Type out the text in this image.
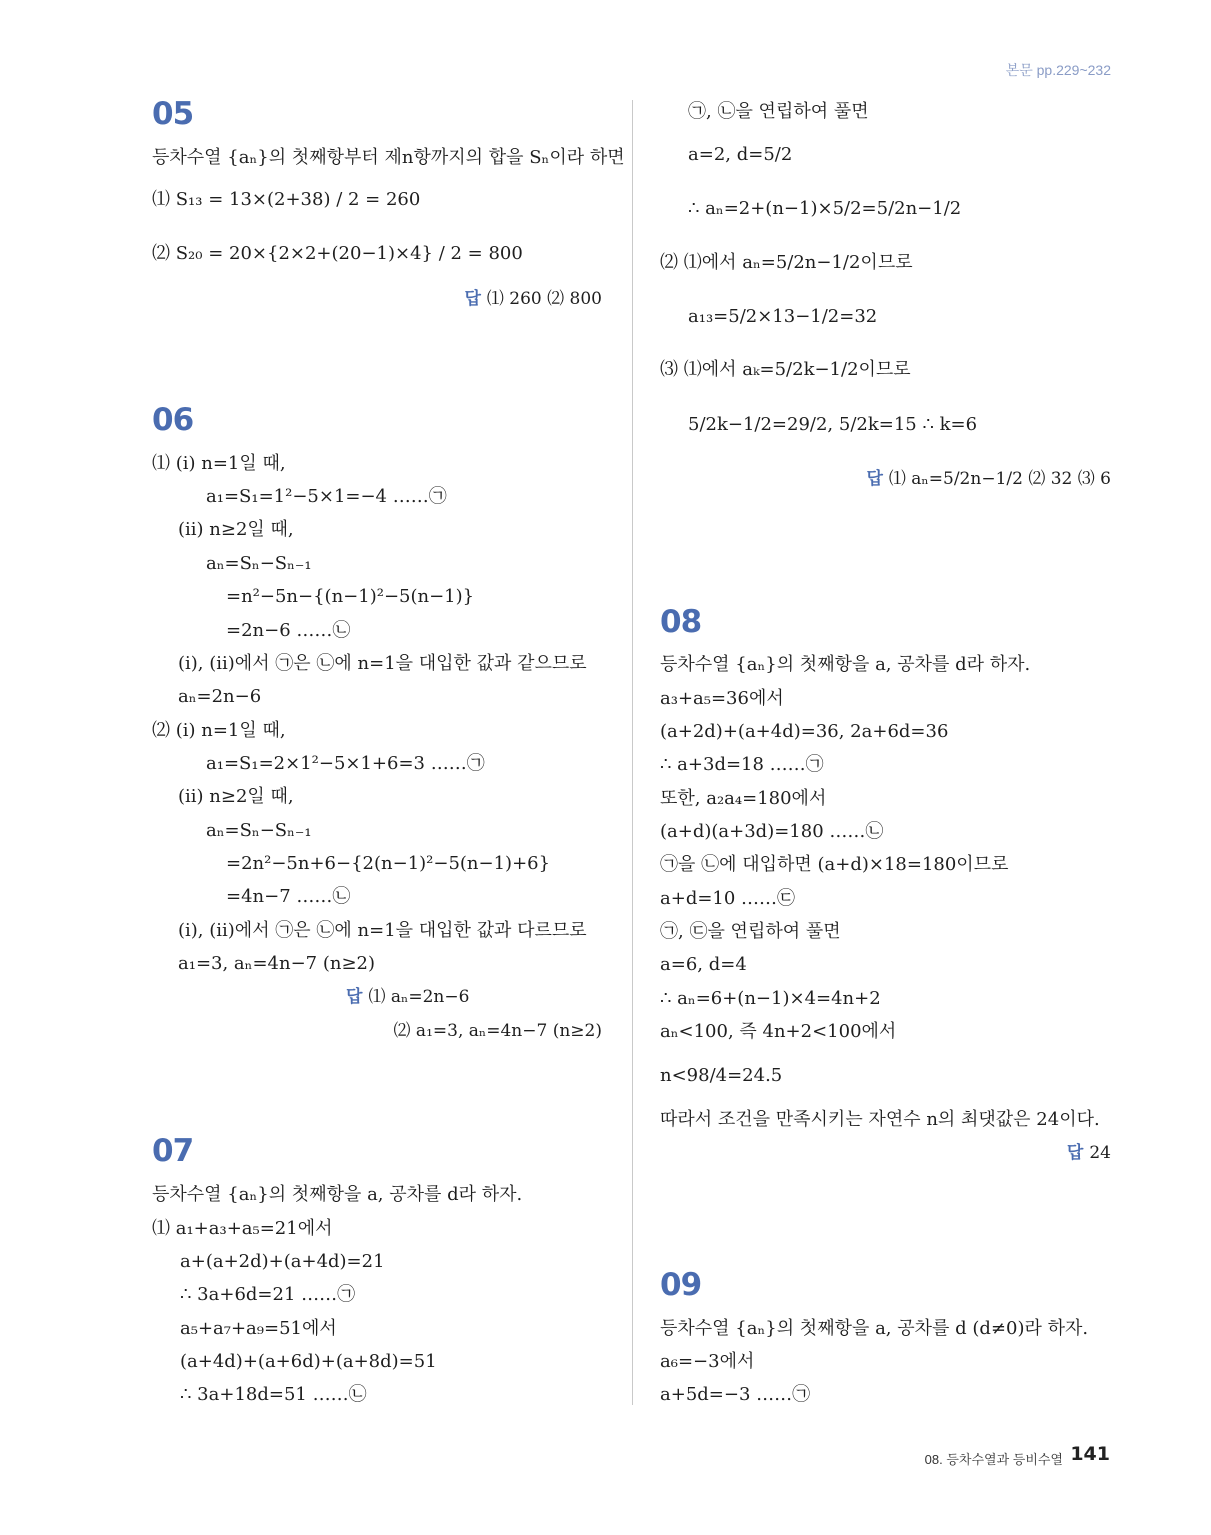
본문 pp.229~232
05
등차수열 {aₙ}의 첫째항부터 제n항까지의 합을 Sₙ이라 하면
⑴ S₁₃ = 13×(2+38) / 2 = 260
⑵ S₂₀ = 20×{2×2+(20−1)×4} / 2 = 800
답 ⑴ 260 ⑵ 800
06
⑴ (ⅰ) n=1일 때,
a₁=S₁=1²−5×1=−4 ……㉠
(ⅱ) n≥2일 때,
aₙ=Sₙ−Sₙ₋₁
=n²−5n−{(n−1)²−5(n−1)}
=2n−6 ……㉡
(ⅰ), (ⅱ)에서 ㉠은 ㉡에 n=1을 대입한 값과 같으므로
aₙ=2n−6
⑵ (ⅰ) n=1일 때,
a₁=S₁=2×1²−5×1+6=3 ……㉠
(ⅱ) n≥2일 때,
aₙ=Sₙ−Sₙ₋₁
=2n²−5n+6−{2(n−1)²−5(n−1)+6}
=4n−7 ……㉡
(ⅰ), (ⅱ)에서 ㉠은 ㉡에 n=1을 대입한 값과 다르므로
a₁=3, aₙ=4n−7 (n≥2)
답 ⑴ aₙ=2n−6
⑵ a₁=3, aₙ=4n−7 (n≥2)
07
등차수열 {aₙ}의 첫째항을 a, 공차를 d라 하자.
⑴ a₁+a₃+a₅=21에서
a+(a+2d)+(a+4d)=21
∴ 3a+6d=21 ……㉠
a₅+a₇+a₉=51에서
(a+4d)+(a+6d)+(a+8d)=51
∴ 3a+18d=51 ……㉡
㉠, ㉡을 연립하여 풀면
a=2, d=5/2
∴ aₙ=2+(n−1)×5/2=5/2n−1/2
⑵ ⑴에서 aₙ=5/2n−1/2이므로
a₁₃=5/2×13−1/2=32
⑶ ⑴에서 aₖ=5/2k−1/2이므로
5/2k−1/2=29/2, 5/2k=15 ∴ k=6
답 ⑴ aₙ=5/2n−1/2 ⑵ 32 ⑶ 6
08
등차수열 {aₙ}의 첫째항을 a, 공차를 d라 하자.
a₃+a₅=36에서
(a+2d)+(a+4d)=36, 2a+6d=36
∴ a+3d=18 ……㉠
또한, a₂a₄=180에서
(a+d)(a+3d)=180 ……㉡
㉠을 ㉡에 대입하면 (a+d)×18=180이므로
a+d=10 ……㉢
㉠, ㉢을 연립하여 풀면
a=6, d=4
∴ aₙ=6+(n−1)×4=4n+2
aₙ<100, 즉 4n+2<100에서
n<98/4=24.5
따라서 조건을 만족시키는 자연수 n의 최댓값은 24이다.
답 24
09
등차수열 {aₙ}의 첫째항을 a, 공차를 d (d≠0)라 하자.
a₆=−3에서
a+5d=−3 ……㉠
08. 등차수열과 등비수열 141
